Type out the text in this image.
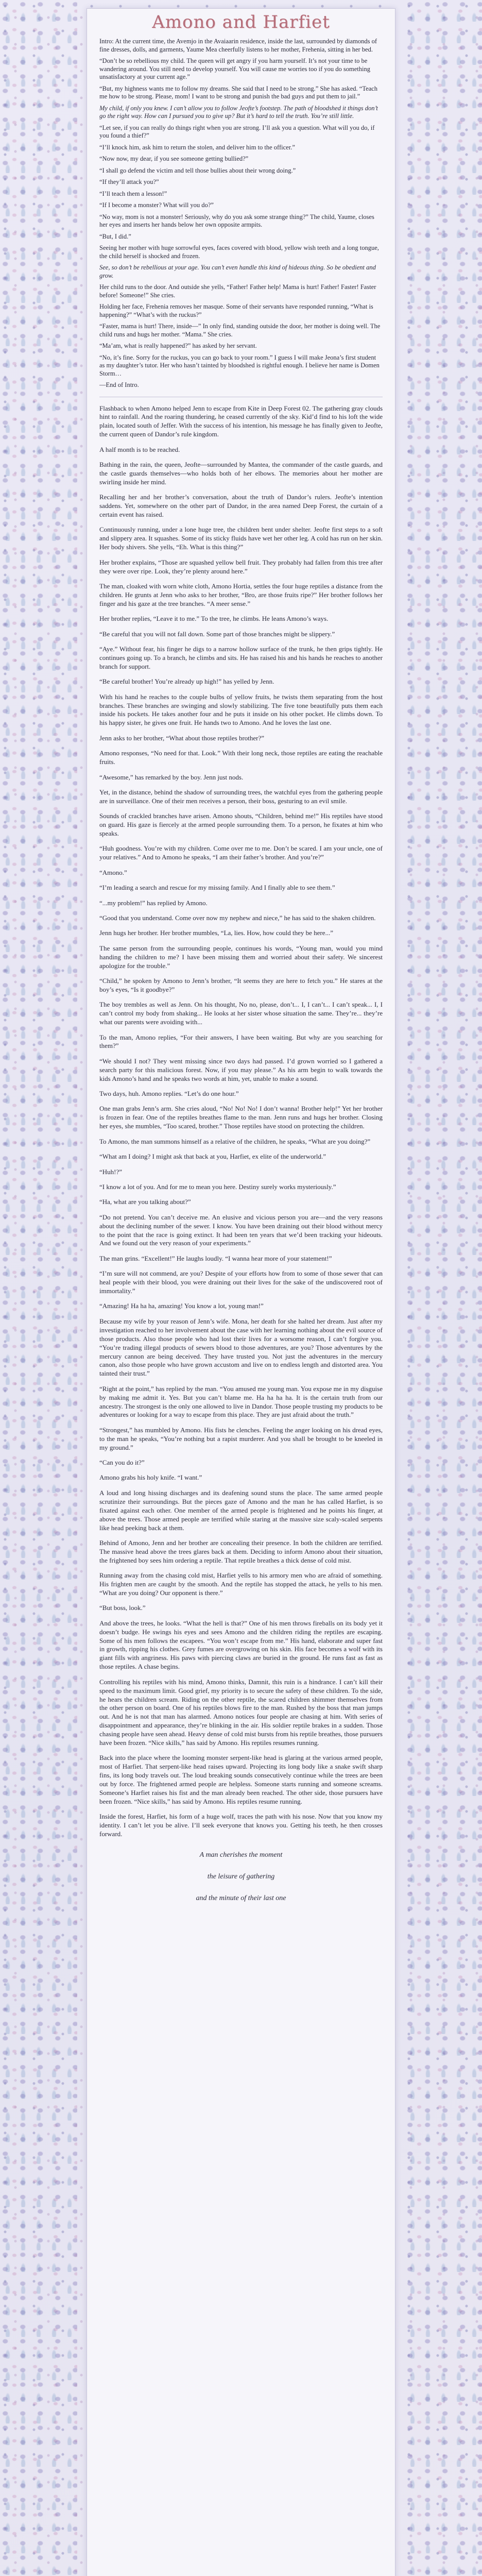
Amono and Harfiet

Intro: At the current time, the Avemjo in the Avaiaarin residence, inside the last, surrounded by diamonds of fine dresses, dolls, and garments, Yaume Mea cheerfully listens to her mother, Frehenia, sitting in her bed.

“Don’t be so rebellious my child. The queen will get angry if you harm yourself. It’s not your time to be wandering around. You still need to develop yourself. You will cause me worries too if you do something unsatisfactory at your current age.”

“But, my highness wants me to follow my dreams. She said that I need to be strong.” She has asked. “Teach me how to be strong. Please, mom! I want to be strong and punish the bad guys and put them to jail.”

My child, if only you knew. I can’t allow you to follow Jeofte’s footstep. The path of bloodshed it things don’t go the right way. How can I pursued you to give up? But it’s hard to tell the truth. You’re still little.

“Let see, if you can really do things right when you are strong. I’ll ask you a question. What will you do, if you found a thief?”

“I’ll knock him, ask him to return the stolen, and deliver him to the officer.”

“Now now, my dear, if you see someone getting bullied?”

“I shall go defend the victim and tell those bullies about their wrong doing.”

“If they’ll attack you?”

“I’ll teach them a lesson!”

“If I become a monster? What will you do?”

“No way, mom is not a monster! Seriously, why do you ask some strange thing?” The child, Yaume, closes her eyes and inserts her hands below her own opposite armpits.

“But, I did.”

Seeing her mother with huge sorrowful eyes, faces covered with blood, yellow wish teeth and a long tongue, the child herself is shocked and frozen.

See, so don’t be rebellious at your age. You can’t even handle this kind of hideous thing. So be obedient and grow.

Her child runs to the door. And outside she yells, “Father! Father help! Mama is hurt! Father! Faster! Faster before! Someone!” She cries.

Holding her face, Frehenia removes her masque. Some of their servants have responded running, “What is happening?” “What’s with the ruckus?”

“Faster, mama is hurt! There, inside—” In only find, standing outside the door, her mother is doing well. The child runs and hugs her mother. “Mama.” She cries.

“Ma’am, what is really happened?” has asked by her servant.

“No, it’s fine. Sorry for the ruckus, you can go back to your room.” I guess I will make Jeona’s first student as my daughter’s tutor. Her who hasn’t tainted by bloodshed is rightful enough. I believe her name is Domen Storm…

—End of Intro.

Flashback to when Amono helped Jenn to escape from Kite in Deep Forest 02. The gathering gray clouds hint to rainfall. And the roaring thundering, he ceased currently of the sky. Kid’d find to his loft the wide plain, located south of Jeffer. With the success of his intention, his message he has finally given to Jeofte, the current queen of Dandor’s rule kingdom.

A half month is to be reached.

Bathing in the rain, the queen, Jeofte—surrounded by Mantea, the commander of the castle guards, and the castle guards themselves—who holds both of her elbows. The memories about her mother are swirling inside her mind.

Recalling her and her brother’s conversation, about the truth of Dandor’s rulers. Jeofte’s intention saddens. Yet, somewhere on the other part of Dandor, in the area named Deep Forest, the curtain of a certain event has raised.

Continuously running, under a lone huge tree, the children bent under shelter. Jeofte first steps to a soft and slippery area. It squashes. Some of its sticky fluids have wet her other leg. A cold has run on her skin. Her body shivers. She yells, “Eh. What is this thing?”

Her brother explains, “Those are squashed yellow bell fruit. They probably had fallen from this tree after they were over ripe. Look, they’re plenty around here.”

The man, cloaked with worn white cloth, Amono Hortia, settles the four huge reptiles a distance from the children. He grunts at Jenn who asks to her brother, “Bro, are those fruits ripe?” Her brother follows her finger and his gaze at the tree branches. “A meer sense.”

Her brother replies, “Leave it to me.” To the tree, he climbs. He leans Amono’s ways.

“Be careful that you will not fall down. Some part of those branches might be slippery.”

“Aye.” Without fear, his finger he digs to a narrow hollow surface of the trunk, he then grips tightly. He continues going up. To a branch, he climbs and sits. He has raised his and his hands he reaches to another branch for support.

“Be careful brother! You’re already up high!” has yelled by Jenn.

With his hand he reaches to the couple bulbs of yellow fruits, he twists them separating from the host branches. These branches are swinging and slowly stabilizing. The five tone beautifully puts them each inside his pockets. He takes another four and he puts it inside on his other pocket. He climbs down. To his happy sister, he gives one fruit. He hands two to Amono. And he loves the last one.

Jenn asks to her brother, “What about those reptiles brother?”

Amono responses, “No need for that. Look.” With their long neck, those reptiles are eating the reachable fruits.

“Awesome,” has remarked by the boy. Jenn just nods.

Yet, in the distance, behind the shadow of surrounding trees, the watchful eyes from the gathering people are in surveillance. One of their men receives a person, their boss, gesturing to an evil smile.

Sounds of crackled branches have arisen. Amono shouts, “Children, behind me!” His reptiles have stood on guard. His gaze is fiercely at the armed people surrounding them. To a person, he fixates at him who speaks.

“Huh goodness. You’re with my children. Come over me to me. Don’t be scared. I am your uncle, one of your relatives.” And to Amono he speaks, “I am their father’s brother. And you’re?”

“Amono.”

“I’m leading a search and rescue for my missing family. And I finally able to see them.”

“...my problem!” has replied by Amono.

“Good that you understand. Come over now my nephew and niece,” he has said to the shaken children.

Jenn hugs her brother. Her brother mumbles, “La, lies. How, how could they be here...”

The same person from the surrounding people, continues his words, “Young man, would you mind handing the children to me? I have been missing them and worried about their safety. We sincerest apologize for the trouble.”

“Child,” he spoken by Amono to Jenn’s brother, “It seems they are here to fetch you.” He stares at the boy’s eyes, “Is it goodbye?”

The boy trembles as well as Jenn. On his thought, No no, please, don’t... I, I can’t... I can’t speak... I, I can’t control my body from shaking... He looks at her sister whose situation the same. They’re... they’re what our parents were avoiding with...

To the man, Amono replies, “For their answers, I have been waiting. But why are you searching for them?”

“We should I not? They went missing since two days had passed. I’d grown worried so I gathered a search party for this malicious forest. Now, if you may please.” As his arm begin to walk towards the kids Amono’s hand and he speaks two words at him, yet, unable to make a sound.

Two days, huh. Amono replies. “Let’s do one hour.”

One man grabs Jenn’s arm. She cries aloud, “No! No! No! I don’t wanna! Brother help!” Yet her brother is frozen in fear. One of the reptiles breathes flame to the man. Jenn runs and hugs her brother. Closing her eyes, she mumbles, “Too scared, brother.” Those reptiles have stood on protecting the children.

To Amono, the man summons himself as a relative of the children, he speaks, “What are you doing?”

“What am I doing? I might ask that back at you, Harfiet, ex elite of the underworld.”

“Huh!?”

“I know a lot of you. And for me to mean you here. Destiny surely works mysteriously.”

“Ha, what are you talking about?”

“Do not pretend. You can’t deceive me. An elusive and vicious person you are—and the very reasons about the declining number of the sewer. I know. You have been draining out their blood without mercy to the point that the race is going extinct. It had been ten years that we’d been tracking your hideouts. And we found out the very reason of your experiments.”

The man grins. “Excellent!” He laughs loudly. “I wanna hear more of your statement!”

“I’m sure will not commend, are you? Despite of your efforts how from to some of those sewer that can heal people with their blood, you were draining out their lives for the sake of the undiscovered root of immortality.”

“Amazing! Ha ha ha, amazing! You know a lot, young man!”

Because my wife by your reason of Jenn’s wife. Mona, her death for she halted her dream. Just after my investigation reached to her involvement about the case with her learning nothing about the evil source of those products. Also those people who had lost their lives for a worsome reason, I can’t forgive you. “You’re trading illegal products of sewers blood to those adventures, are you? Those adventures by the mercury cannon are being deceived. They have trusted you. Not just the adventures in the mercury canon, also those people who have grown accustom and live on to endless length and distorted area. You tainted their trust.”

“Right at the point,” has replied by the man. “You amused me young man. You expose me in my disguise by making me admit it. Yes. But you can’t blame me. Ha ha ha ha. It is the certain truth from our ancestry. The strongest is the only one allowed to live in Dandor. Those people trusting my products to be adventures or looking for a way to escape from this place. They are just afraid about the truth.”

“Strongest,” has mumbled by Amono. His fists he clenches. Feeling the anger looking on his dread eyes, to the man he speaks, “You’re nothing but a rapist murderer. And you shall be brought to be kneeled in my ground.”

“Can you do it?”

Amono grabs his holy knife. “I want.”

A loud and long hissing discharges and its deafening sound stuns the place. The same armed people scrutinize their surroundings. But the pieces gaze of Amono and the man he has called Harfiet, is so fixated against each other. One member of the armed people is frightened and he points his finger, at above the trees. Those armed people are terrified while staring at the massive size scaly-scaled serpents like head peeking back at them.

Behind of Amono, Jenn and her brother are concealing their presence. In both the children are terrified. The massive head above the trees glares back at them. Deciding to inform Amono about their situation, the frightened boy sees him ordering a reptile. That reptile breathes a thick dense of cold mist.

Running away from the chasing cold mist, Harfiet yells to his armory men who are afraid of something. His frighten men are caught by the smooth. And the reptile has stopped the attack, he yells to his men. “What are you doing? Our opponent is there.”

“But boss, look.”

And above the trees, he looks. “What the hell is that?” One of his men throws fireballs on its body yet it doesn’t budge. He swings his eyes and sees Amono and the children riding the reptiles are escaping. Some of his men follows the escapees. “You won’t escape from me.” His hand, elaborate and super fast in growth, ripping his clothes. Grey fumes are overgrowing on his skin. His face becomes a wolf with its giant fills with angriness. His paws with piercing claws are buried in the ground. He runs fast as fast as those reptiles. A chase begins.

Controlling his reptiles with his mind, Amono thinks, Damnit, this ruin is a hindrance. I can’t kill their speed to the maximum limit. Good grief, my priority is to secure the safety of these children. To the side, he hears the children scream. Riding on the other reptile, the scared children shimmer themselves from the other person on board. One of his reptiles blows fire to the man. Rushed by the boss that man jumps out. And he is not that man has alarmed. Amono notices four people are chasing at him. With series of disappointment and appearance, they’re blinking in the air. His soldier reptile brakes in a sudden. Those chasing people have seen ahead. Heavy dense of cold mist bursts from his reptile breathes, those pursuers have been frozen. “Nice skills,” has said by Amono. His reptiles resumes running.

Back into the place where the looming monster serpent-like head is glaring at the various armed people, most of Harfiet. That serpent-like head raises upward. Projecting its long body like a snake swift sharp fins, its long body travels out. The loud breaking sounds consecutively continue while the trees are been out by force. The frightened armed people are helpless. Someone starts running and someone screams. Someone’s Harfiet raises his fist and the man already been reached. The other side, those pursuers have been frozen. “Nice skills,” has said by Amono. His reptiles resume running.

Inside the forest, Harfiet, his form of a huge wolf, traces the path with his nose. Now that you know my identity. I can’t let you be alive. I’ll seek everyone that knows you. Getting his teeth, he then crosses forward.

A man cherishes the moment

the leisure of gathering

and the minute of their last one
